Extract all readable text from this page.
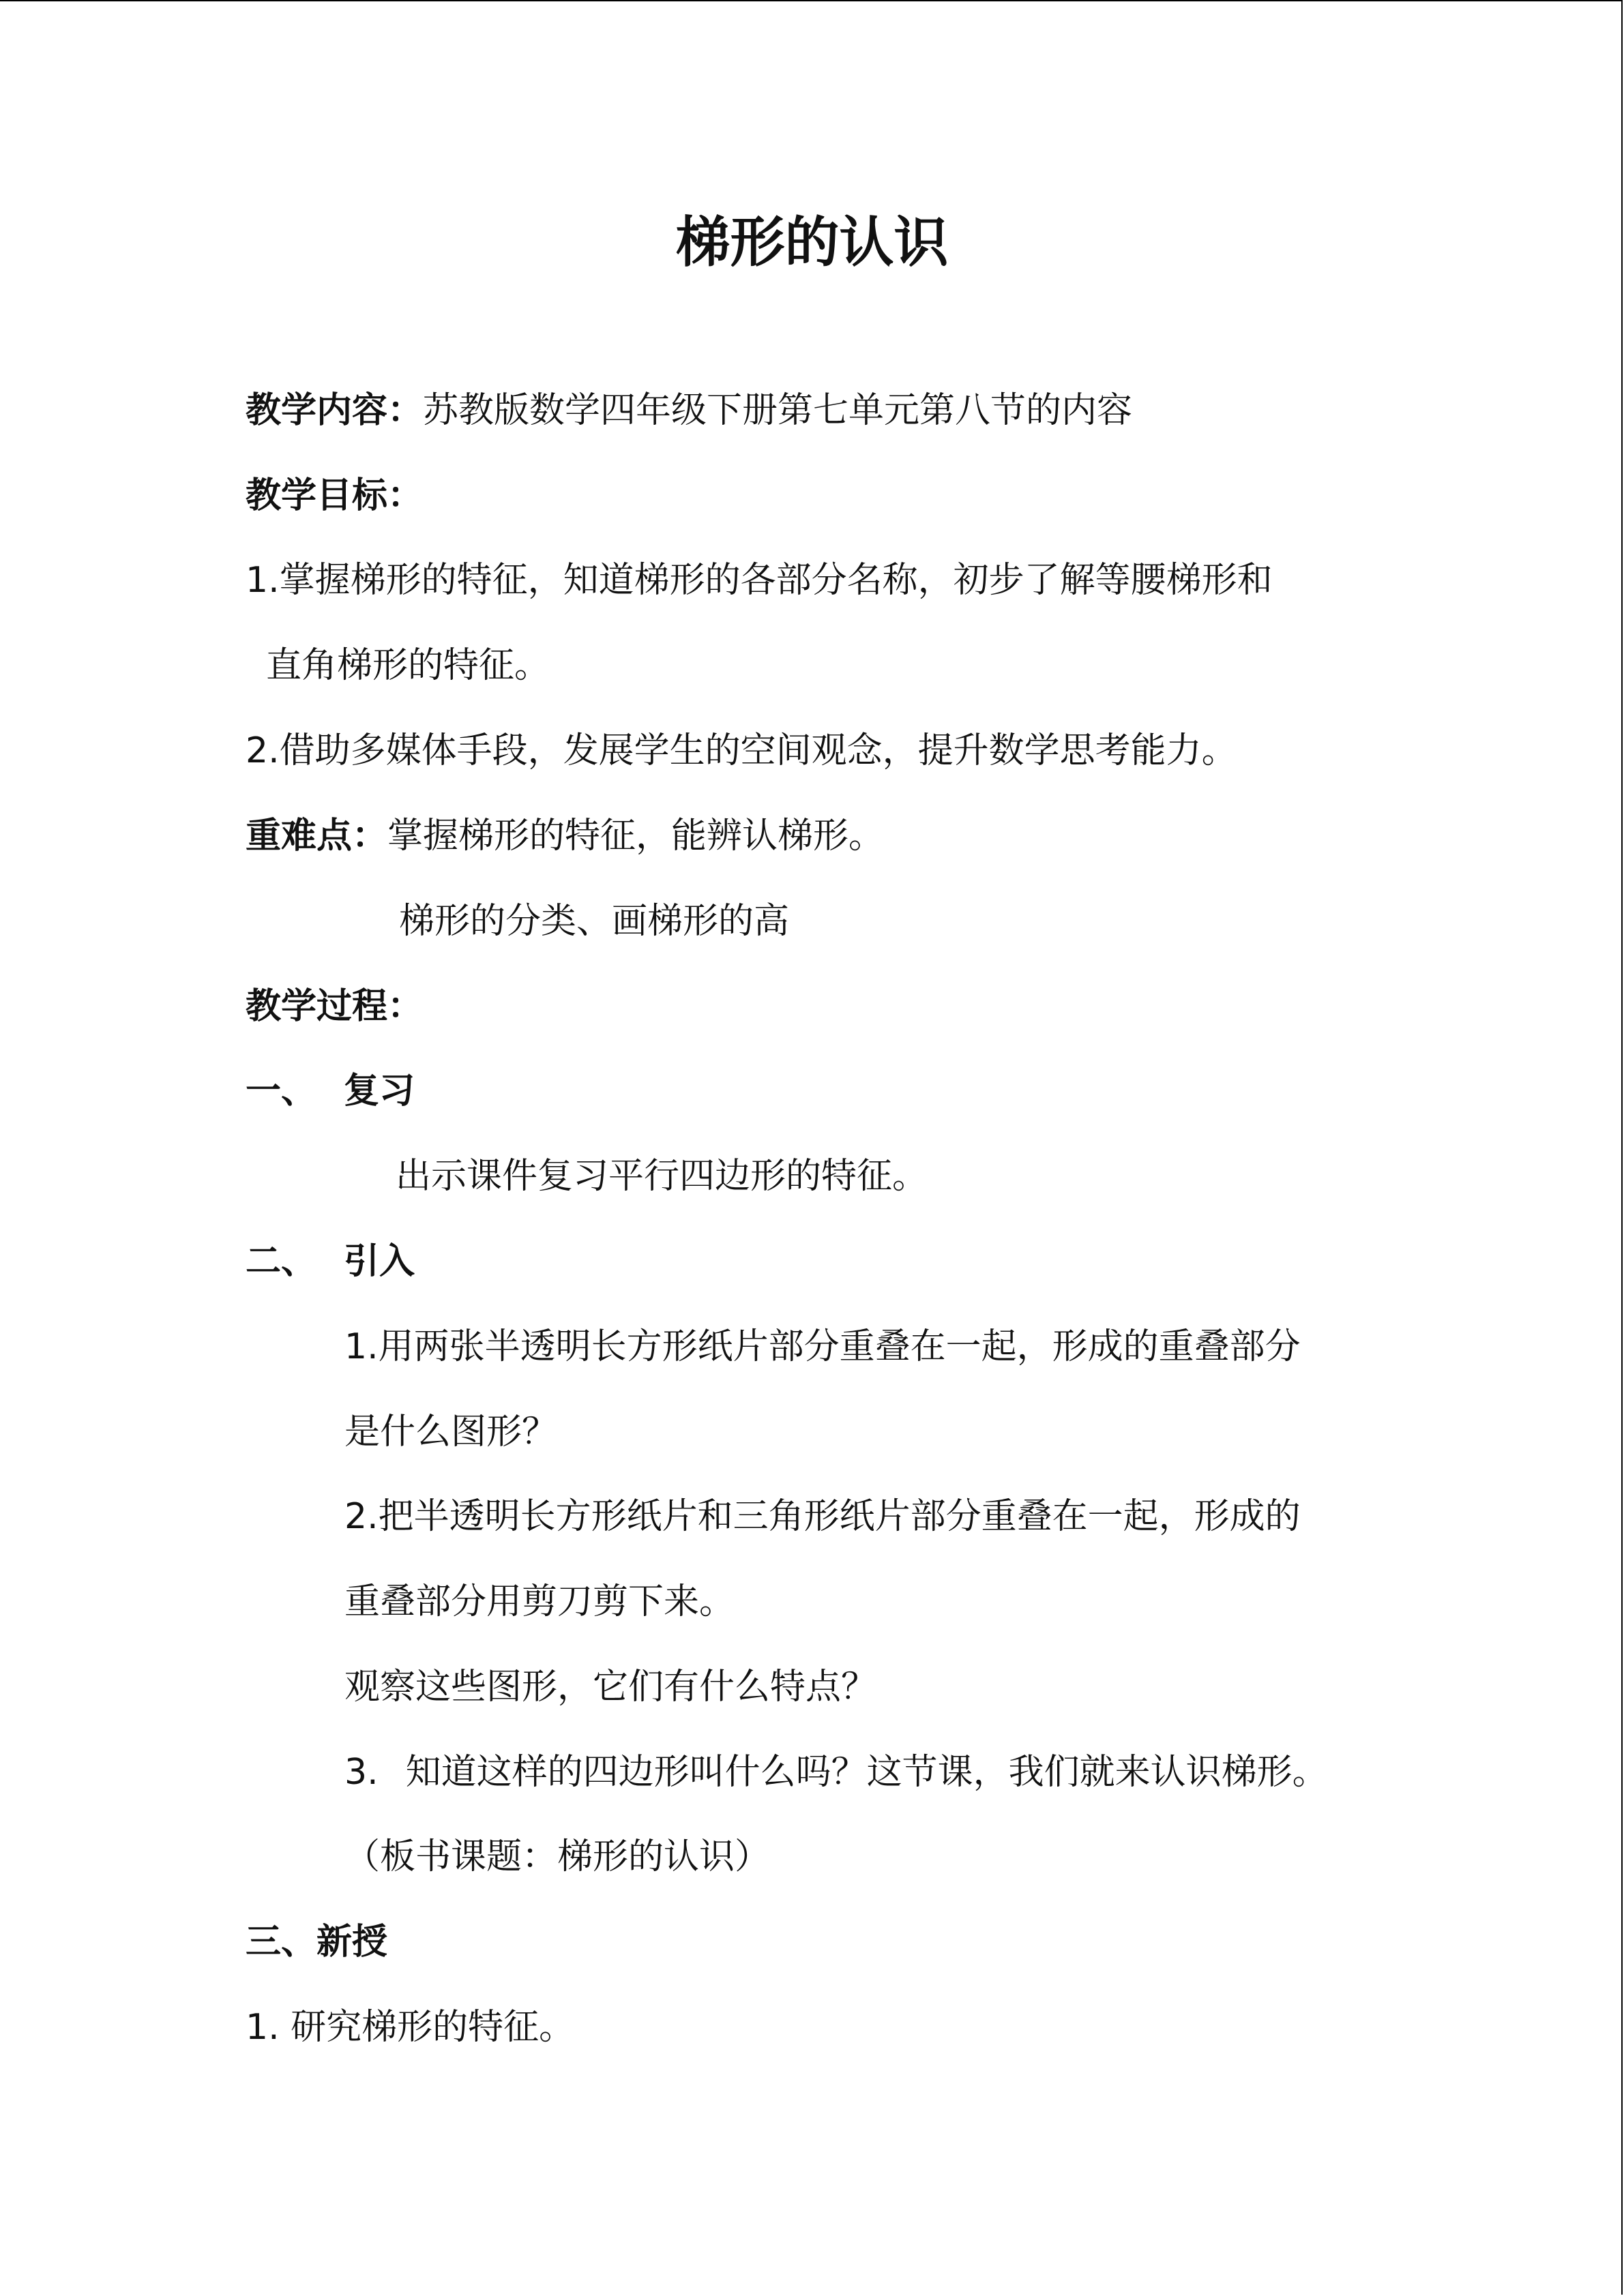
梯形的认识
教学内容：苏教版数学四年级下册第七单元第八节的内容
教学目标：
1.掌握梯形的特征，知道梯形的各部分名称，初步了解等腰梯形和
直角梯形的特征。
2.借助多媒体手段，发展学生的空间观念，提升数学思考能力。
重难点：掌握梯形的特征，能辨认梯形。
梯形的分类、画梯形的高
教学过程：
一、 复习
出示课件复习平行四边形的特征。
二、 引入
1.用两张半透明长方形纸片部分重叠在一起，形成的重叠部分
是什么图形？
2.把半透明长方形纸片和三角形纸片部分重叠在一起，形成的
重叠部分用剪刀剪下来。
观察这些图形，它们有什么特点？
3. 知道这样的四边形叫什么吗？这节课，我们就来认识梯形。
（板书课题：梯形的认识）
三、新授
1. 研究梯形的特征。
